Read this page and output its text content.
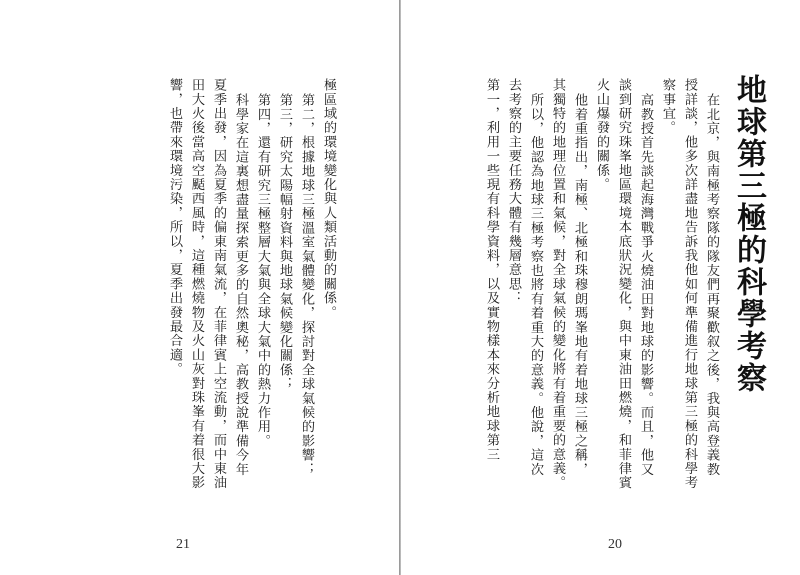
響，也帶來環境污染，所以，夏季出發最合適。 田大火後當高空颳西風時，這種燃燒物及火山灰對珠峯有着很大影 夏季出發，因為夏季的偏東南氣流，在菲律賓上空流動，而中東油 科學家在這裏想盡量探索更多的自然奧秘，高教授說準備今年 第四，還有研究三極整層大氣與全球大氣中的熱力作用。 第三，研究太陽幅射資料與地球氣候變化關係； 第二，根據地球三極溫室氣體變化，探討對全球氣候的影響； 極區域的環境變化與人類活動的關係。
21
第一，利用一些現有科學資料，以及實物樣本來分析地球第三 去考察的主要任務大體有幾層意思： 所以，他認為地球三極考察也將有着重大的意義。他說，這次 其獨特的地理位置和氣候，對全球氣候的變化將有着重要的意義。 他着重指出，南極、北極和珠穆朗瑪峯地有着地球三極之稱， 火山爆發的關係。 談到研究珠峯地區環境本底狀況變化，與中東油田燃燒，和菲律賓 高教授首先談起海灣戰爭火燒油田對地球的影響。而且，他又 察事宜。 授詳談，他多次詳盡地告訴我他如何準備進行地球第三極的科學考 在北京，與南極考察隊的隊友們再聚歡叙之後，我與高登義教 地球第三極的科學考察
20
